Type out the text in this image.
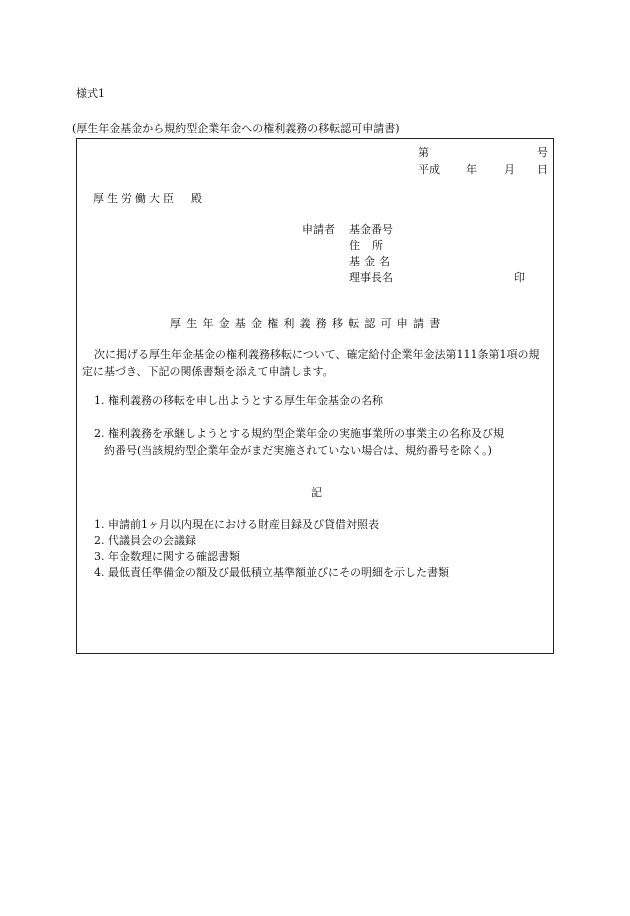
様式1
(厚生年金基金から規約型企業年金への権利義務の移転認可申請書)
第	号
平成 年 月 日
厚生労働大臣　殿
申請者 基金番号
住所
基金名
理事長名	印
厚生年金基金権利義務移転認可申請書
次に掲げる厚生年金基金の権利義務移転について、確定給付企業年金法第111条第1項の規定に基づき、下記の関係書類を添えて申請します。
1. 権利義務の移転を申し出ようとする厚生年金基金の名称
2. 権利義務を承継しようとする規約型企業年金の実施事業所の事業主の名称及び規
約番号(当該規約型企業年金がまだ実施されていない場合は、規約番号を除く。)
記
1. 申請前1ヶ月以内現在における財産目録及び貸借対照表
2. 代議員会の会議録
3. 年金数理に関する確認書類
4. 最低責任準備金の額及び最低積立基準額並びにその明細を示した書類
